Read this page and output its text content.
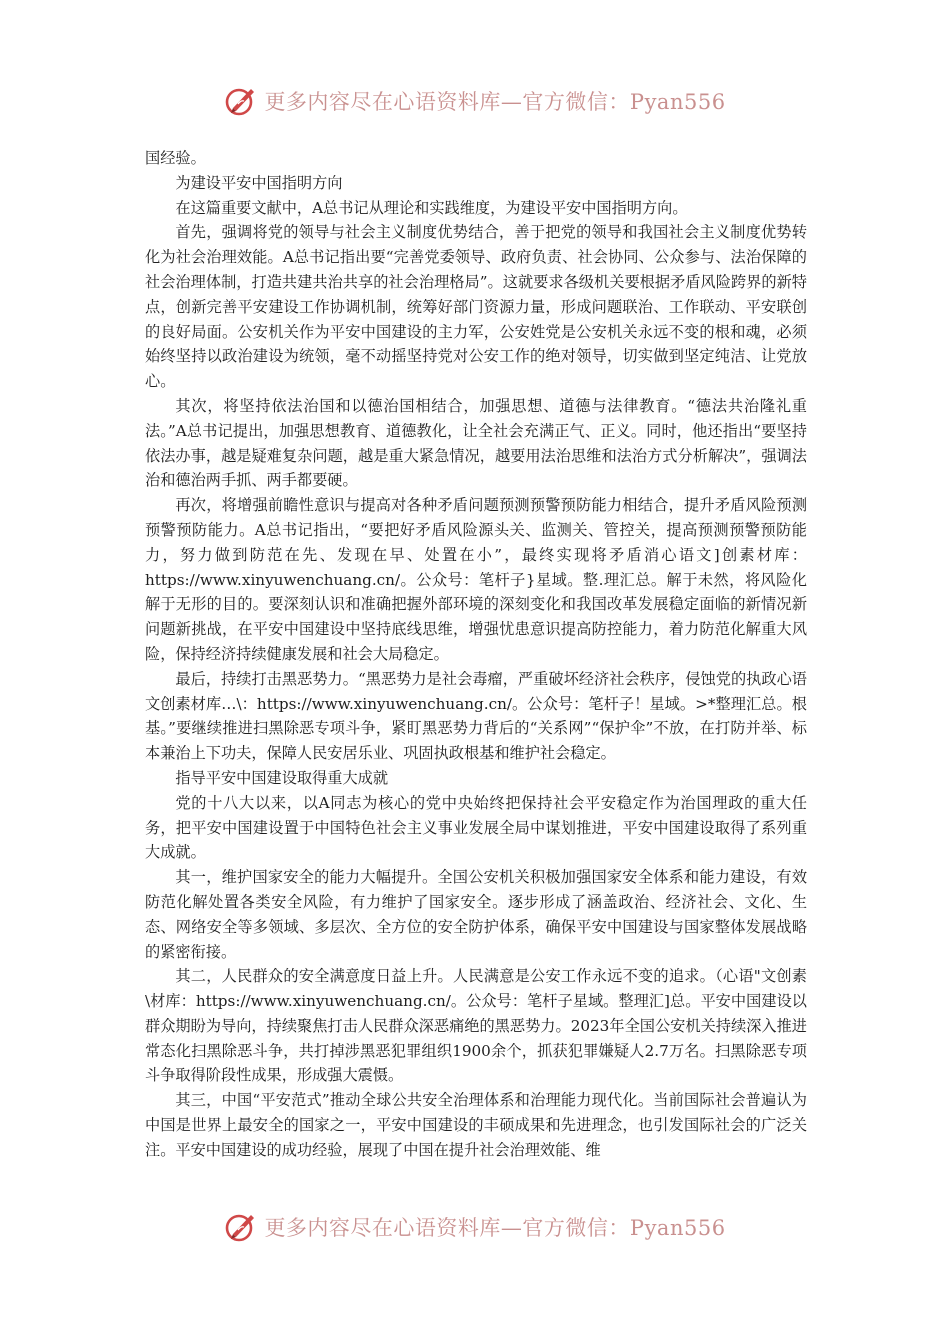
更多内容尽在心语资料库—官方微信：Pyan556

国经验。

为建设平安中国指明方向

在这篇重要文献中，A总书记从理论和实践维度，为建设平安中国指明方向。

首先，强调将党的领导与社会主义制度优势结合，善于把党的领导和我国社会主义制度优势转化为社会治理效能。A总书记指出要“完善党委领导、政府负责、社会协同、公众参与、法治保障的社会治理体制，打造共建共治共享的社会治理格局”。这就要求各级机关要根据矛盾风险跨界的新特点，创新完善平安建设工作协调机制，统筹好部门资源力量，形成问题联治、工作联动、平安联创的良好局面。公安机关作为平安中国建设的主力军，公安姓党是公安机关永远不变的根和魂，必须始终坚持以政治建设为统领，毫不动摇坚持党对公安工作的绝对领导，切实做到坚定纯洁、让党放心。

其次，将坚持依法治国和以德治国相结合，加强思想、道德与法律教育。“德法共治隆礼重法。”A总书记提出，加强思想教育、道德教化，让全社会充满正气、正义。同时，他还指出“要坚持依法办事，越是疑难复杂问题，越是重大紧急情况，越要用法治思维和法治方式分析解决”，强调法治和德治两手抓、两手都要硬。

再次，将增强前瞻性意识与提高对各种矛盾问题预测预警预防能力相结合，提升矛盾风险预测预警预防能力。A总书记指出，“要把好矛盾风险源头关、监测关、管控关，提高预测预警预防能力，努力做到防范在先、发现在早、处置在小”，最终实现将矛盾消心语文]创素材库：https://www.xinyuwenchuang.cn/。公众号：笔杆子}星域。整.理汇总。解于未然，将风险化解于无形的目的。要深刻认识和准确把握外部环境的深刻变化和我国改革发展稳定面临的新情况新问题新挑战，在平安中国建设中坚持底线思维，增强忧患意识提高防控能力，着力防范化解重大风险，保持经济持续健康发展和社会大局稳定。

最后，持续打击黑恶势力。“黑恶势力是社会毒瘤，严重破坏经济社会秩序，侵蚀党的执政心语文创素材库…\：https://www.xinyuwenchuang.cn/。公众号：笔杆子！星域。>*整理汇总。根基。”要继续推进扫黑除恶专项斗争，紧盯黑恶势力背后的“关系网”“保护伞”不放，在打防并举、标本兼治上下功夫，保障人民安居乐业、巩固执政根基和维护社会稳定。

指导平安中国建设取得重大成就

党的十八大以来，以A同志为核心的党中央始终把保持社会平安稳定作为治国理政的重大任务，把平安中国建设置于中国特色社会主义事业发展全局中谋划推进，平安中国建设取得了系列重大成就。

其一，维护国家安全的能力大幅提升。全国公安机关积极加强国家安全体系和能力建设，有效防范化解处置各类安全风险，有力维护了国家安全。逐步形成了涵盖政治、经济社会、文化、生态、网络安全等多领域、多层次、全方位的安全防护体系，确保平安中国建设与国家整体发展战略的紧密衔接。

其二，人民群众的安全满意度日益上升。人民满意是公安工作永远不变的追求。（心语"文创素\材库：https://www.xinyuwenchuang.cn/。公众号：笔杆子星域。整理汇]总。平安中国建设以群众期盼为导向，持续聚焦打击人民群众深恶痛绝的黑恶势力。2023年全国公安机关持续深入推进常态化扫黑除恶斗争，共打掉涉黑恶犯罪组织1900余个，抓获犯罪嫌疑人2.7万名。扫黑除恶专项斗争取得阶段性成果，形成强大震慑。

其三，中国“平安范式”推动全球公共安全治理体系和治理能力现代化。当前国际社会普遍认为中国是世界上最安全的国家之一，平安中国建设的丰硕成果和先进理念，也引发国际社会的广泛关注。平安中国建设的成功经验，展现了中国在提升社会治理效能、维

更多内容尽在心语资料库—官方微信：Pyan556
